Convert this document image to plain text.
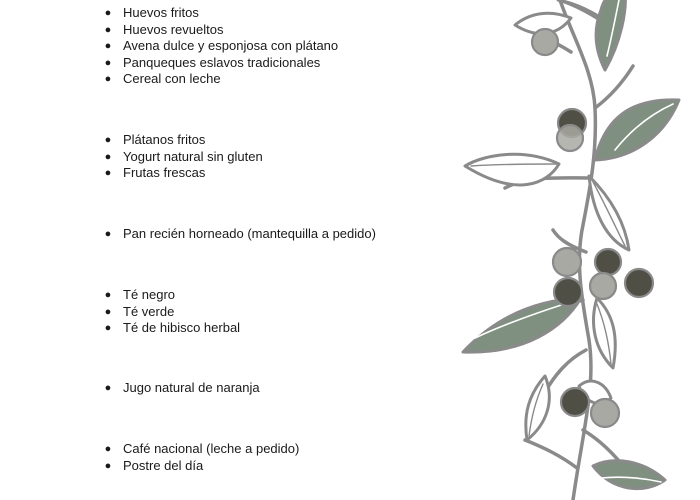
● Huevos fritos
● Huevos revueltos
● Avena dulce y esponjosa con plátano
● Panqueques eslavos tradicionales
● Cereal con leche
● Plátanos fritos
● Yogurt natural sin gluten
● Frutas frescas
● Pan recién horneado (mantequilla a pedido)
● Té negro
● Té verde
● Té de hibisco herbal
● Jugo natural de naranja
● Café nacional (leche a pedido)
● Postre del día
